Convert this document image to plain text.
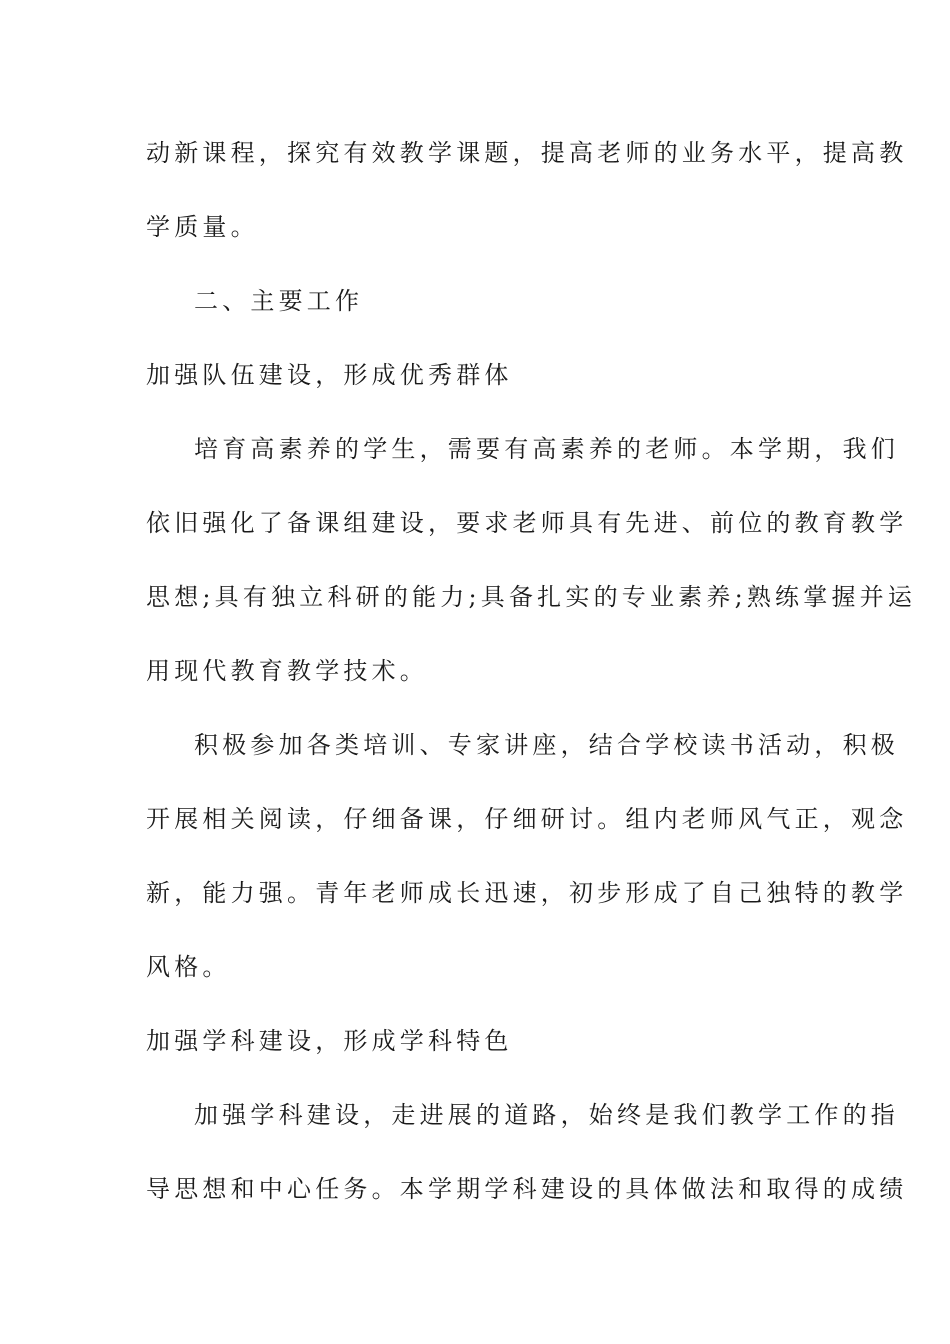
动新课程，探究有效教学课题，提高老师的业务水平，提高教
学质量。
二、主要工作
加强队伍建设，形成优秀群体
培育高素养的学生，需要有高素养的老师。本学期，我们
依旧强化了备课组建设，要求老师具有先进、前位的教育教学
思想;具有独立科研的能力;具备扎实的专业素养;熟练掌握并运
用现代教育教学技术。
积极参加各类培训、专家讲座，结合学校读书活动，积极
开展相关阅读，仔细备课，仔细研讨。组内老师风气正，观念
新，能力强。青年老师成长迅速，初步形成了自己独特的教学
风格。
加强学科建设，形成学科特色
加强学科建设，走进展的道路，始终是我们教学工作的指
导思想和中心任务。本学期学科建设的具体做法和取得的成绩
